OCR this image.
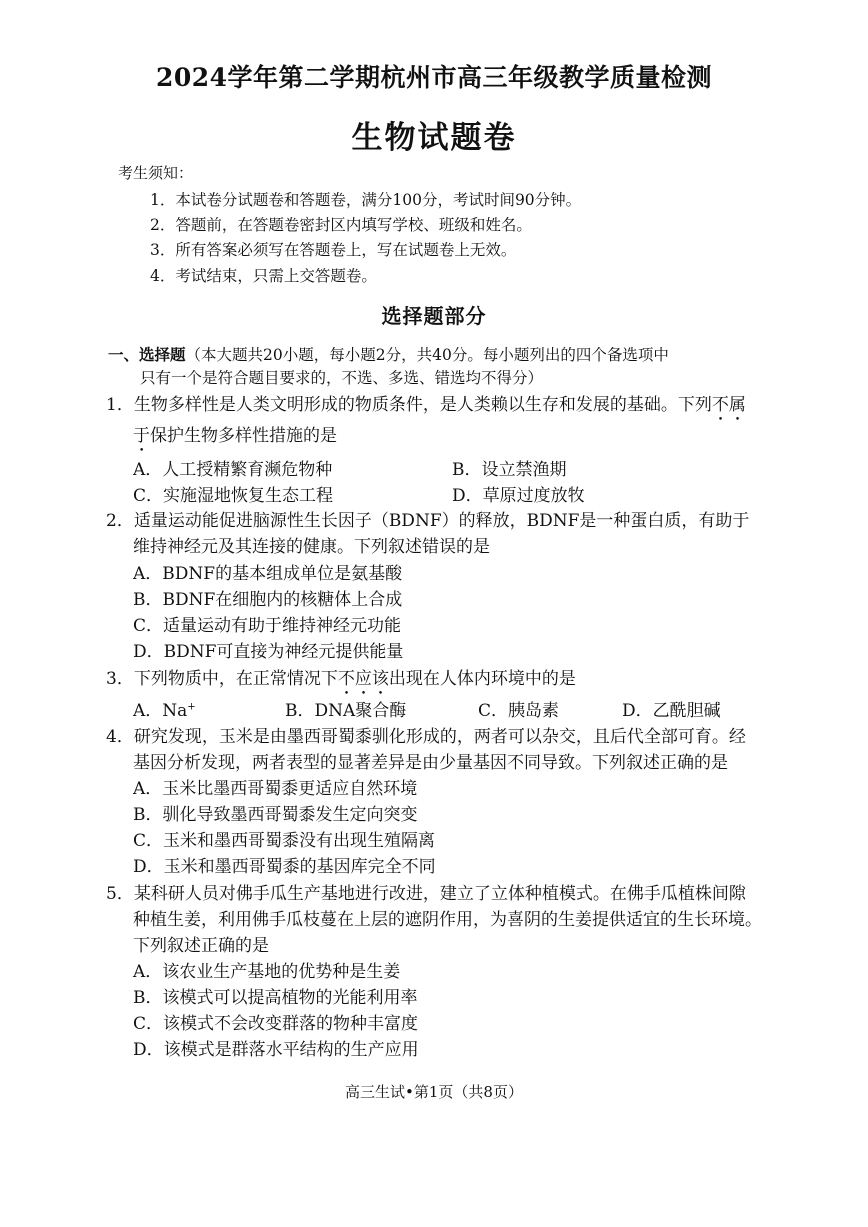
2024学年第二学期杭州市高三年级教学质量检测
生物试题卷
考生须知：
1．本试卷分试题卷和答题卷，满分100分，考试时间90分钟。
2．答题前，在答题卷密封区内填写学校、班级和姓名。
3．所有答案必须写在答题卷上，写在试题卷上无效。
4．考试结束，只需上交答题卷。
选择题部分
一、选择题（本大题共20小题，每小题2分，共40分。每小题列出的四个备选项中
只有一个是符合题目要求的，不选、多选、错选均不得分）
1．生物多样性是人类文明形成的物质条件，是人类赖以生存和发展的基础。下列不属
于保护生物多样性措施的是
A．人工授精繁育濒危物种	B．设立禁渔期
C．实施湿地恢复生态工程	D．草原过度放牧
2．适量运动能促进脑源性生长因子（BDNF）的释放，BDNF是一种蛋白质，有助于
维持神经元及其连接的健康。下列叙述错误的是
A．BDNF的基本组成单位是氨基酸
B．BDNF在细胞内的核糖体上合成
C．适量运动有助于维持神经元功能
D．BDNF可直接为神经元提供能量
3．下列物质中，在正常情况下不应该出现在人体内环境中的是
A．Na+	B．DNA聚合酶	C．胰岛素	D．乙酰胆碱
4．研究发现，玉米是由墨西哥蜀黍驯化形成的，两者可以杂交，且后代全部可育。经
基因分析发现，两者表型的显著差异是由少量基因不同导致。下列叙述正确的是
A．玉米比墨西哥蜀黍更适应自然环境
B．驯化导致墨西哥蜀黍发生定向突变
C．玉米和墨西哥蜀黍没有出现生殖隔离
D．玉米和墨西哥蜀黍的基因库完全不同
5．某科研人员对佛手瓜生产基地进行改进，建立了立体种植模式。在佛手瓜植株间隙
种植生姜，利用佛手瓜枝蔓在上层的遮阴作用，为喜阴的生姜提供适宜的生长环境。
下列叙述正确的是
A．该农业生产基地的优势种是生姜
B．该模式可以提高植物的光能利用率
C．该模式不会改变群落的物种丰富度
D．该模式是群落水平结构的生产应用
高三生试•第1页（共8页）
